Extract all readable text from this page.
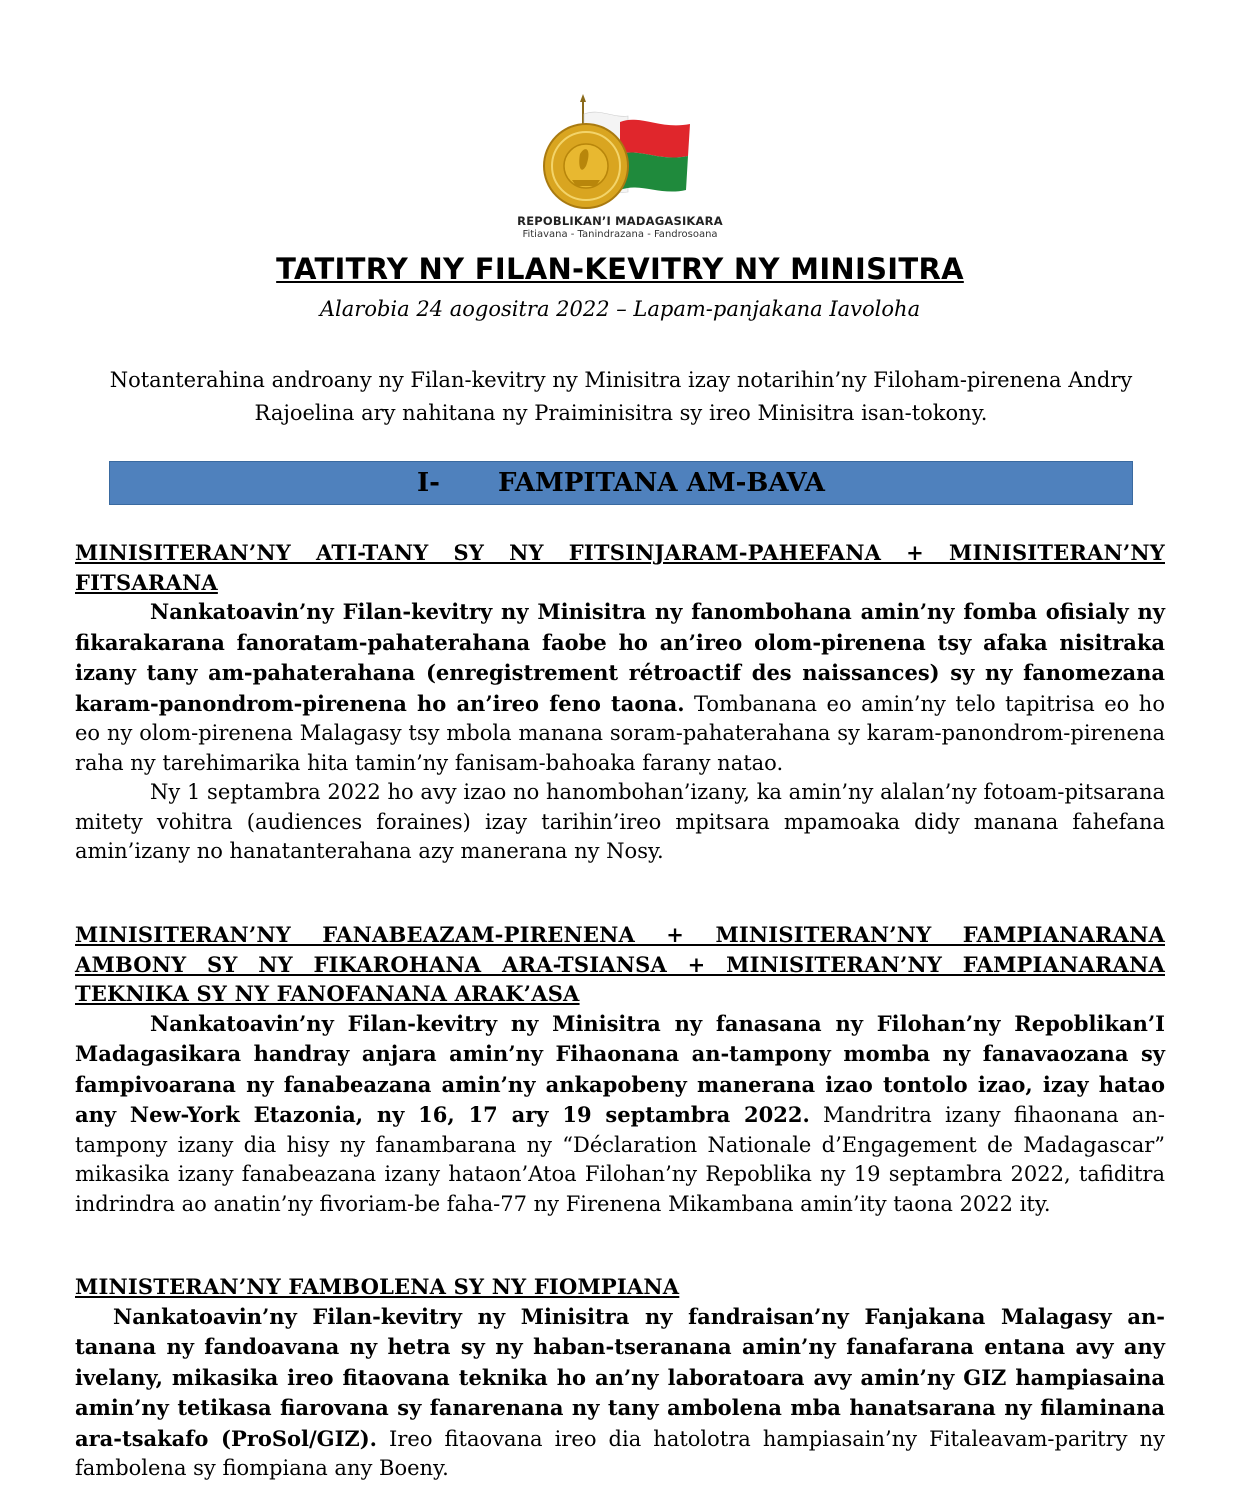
REPOBLIKAN’I MADAGASIKARA
Fitiavana - Tanindrazana - Fandrosoana
TATITRY NY FILAN-KEVITRY NY MINISITRA
Alarobia 24 aogositra 2022 – Lapam-panjakana Iavoloha
Notanterahina androany ny Filan-kevitry ny Minisitra izay notarihin’ny Filoham-pirenena Andry Rajoelina ary nahitana ny Praiminisitra sy ireo Minisitra isan-tokony.
I- FAMPITANA AM-BAVA
MINISITERAN’NY ATI-TANY SY NY FITSINJARAM-PAHEFANA + MINISITERAN’NY FITSARANA

Nankatoavin’ny Filan-kevitry ny Minisitra ny fanombohana amin’ny fomba ofisialy ny fikarakarana fanoratam-pahaterahana faobe ho an’ireo olom-pirenena tsy afaka nisitraka izany tany am-pahaterahana (enregistrement rétroactif des naissances) sy ny fanomezana karam-panondrom-pirenena ho an’ireo feno taona. Tombanana eo amin’ny telo tapitrisa eo ho eo ny olom-pirenena Malagasy tsy mbola manana soram-pahaterahana sy karam-panondrom-pirenena raha ny tarehimarika hita tamin’ny fanisam-bahoaka farany natao.

Ny 1 septambra 2022 ho avy izao no hanombohan’izany, ka amin’ny alalan’ny fotoam-pitsarana mitety vohitra (audiences foraines) izay tarihin’ireo mpitsara mpamoaka didy manana fahefana amin’izany no hanatanterahana azy manerana ny Nosy.

MINISITERAN’NY FANABEAZAM-PIRENENA + MINISITERAN’NY FAMPIANARANA AMBONY SY NY FIKAROHANA ARA-TSIANSA + MINISITERAN’NY FAMPIANARANA TEKNIKA SY NY FANOFANANA ARAK’ASA

Nankatoavin’ny Filan-kevitry ny Minisitra ny fanasana ny Filohan’ny Repoblikan’I Madagasikara handray anjara amin’ny Fihaonana an-tampony momba ny fanavaozana sy fampivoarana ny fanabeazana amin’ny ankapobeny manerana izao tontolo izao, izay hatao any New-York Etazonia, ny 16, 17 ary 19 septambra 2022. Mandritra izany fihaonana an-tampony izany dia hisy ny fanambarana ny “Déclaration Nationale d’Engagement de Madagascar” mikasika izany fanabeazana izany hataon’Atoa Filohan’ny Repoblika ny 19 septambra 2022, tafiditra indrindra ao anatin’ny fivoriam-be faha-77 ny Firenena Mikambana amin’ity taona 2022 ity.

MINISTERAN’NY FAMBOLENA SY NY FIOMPIANA

Nankatoavin’ny Filan-kevitry ny Minisitra ny fandraisan’ny Fanjakana Malagasy an-tanana ny fandoavana ny hetra sy ny haban-tseranana amin’ny fanafarana entana avy any ivelany, mikasika ireo fitaovana teknika ho an’ny laboratoara avy amin’ny GIZ hampiasaina amin’ny tetikasa fiarovana sy fanarenana ny tany ambolena mba hanatsarana ny filaminana ara-tsakafo (ProSol/GIZ). Ireo fitaovana ireo dia hatolotra hampiasain’ny Fitaleavam-paritry ny fambolena sy fiompiana any Boeny.
